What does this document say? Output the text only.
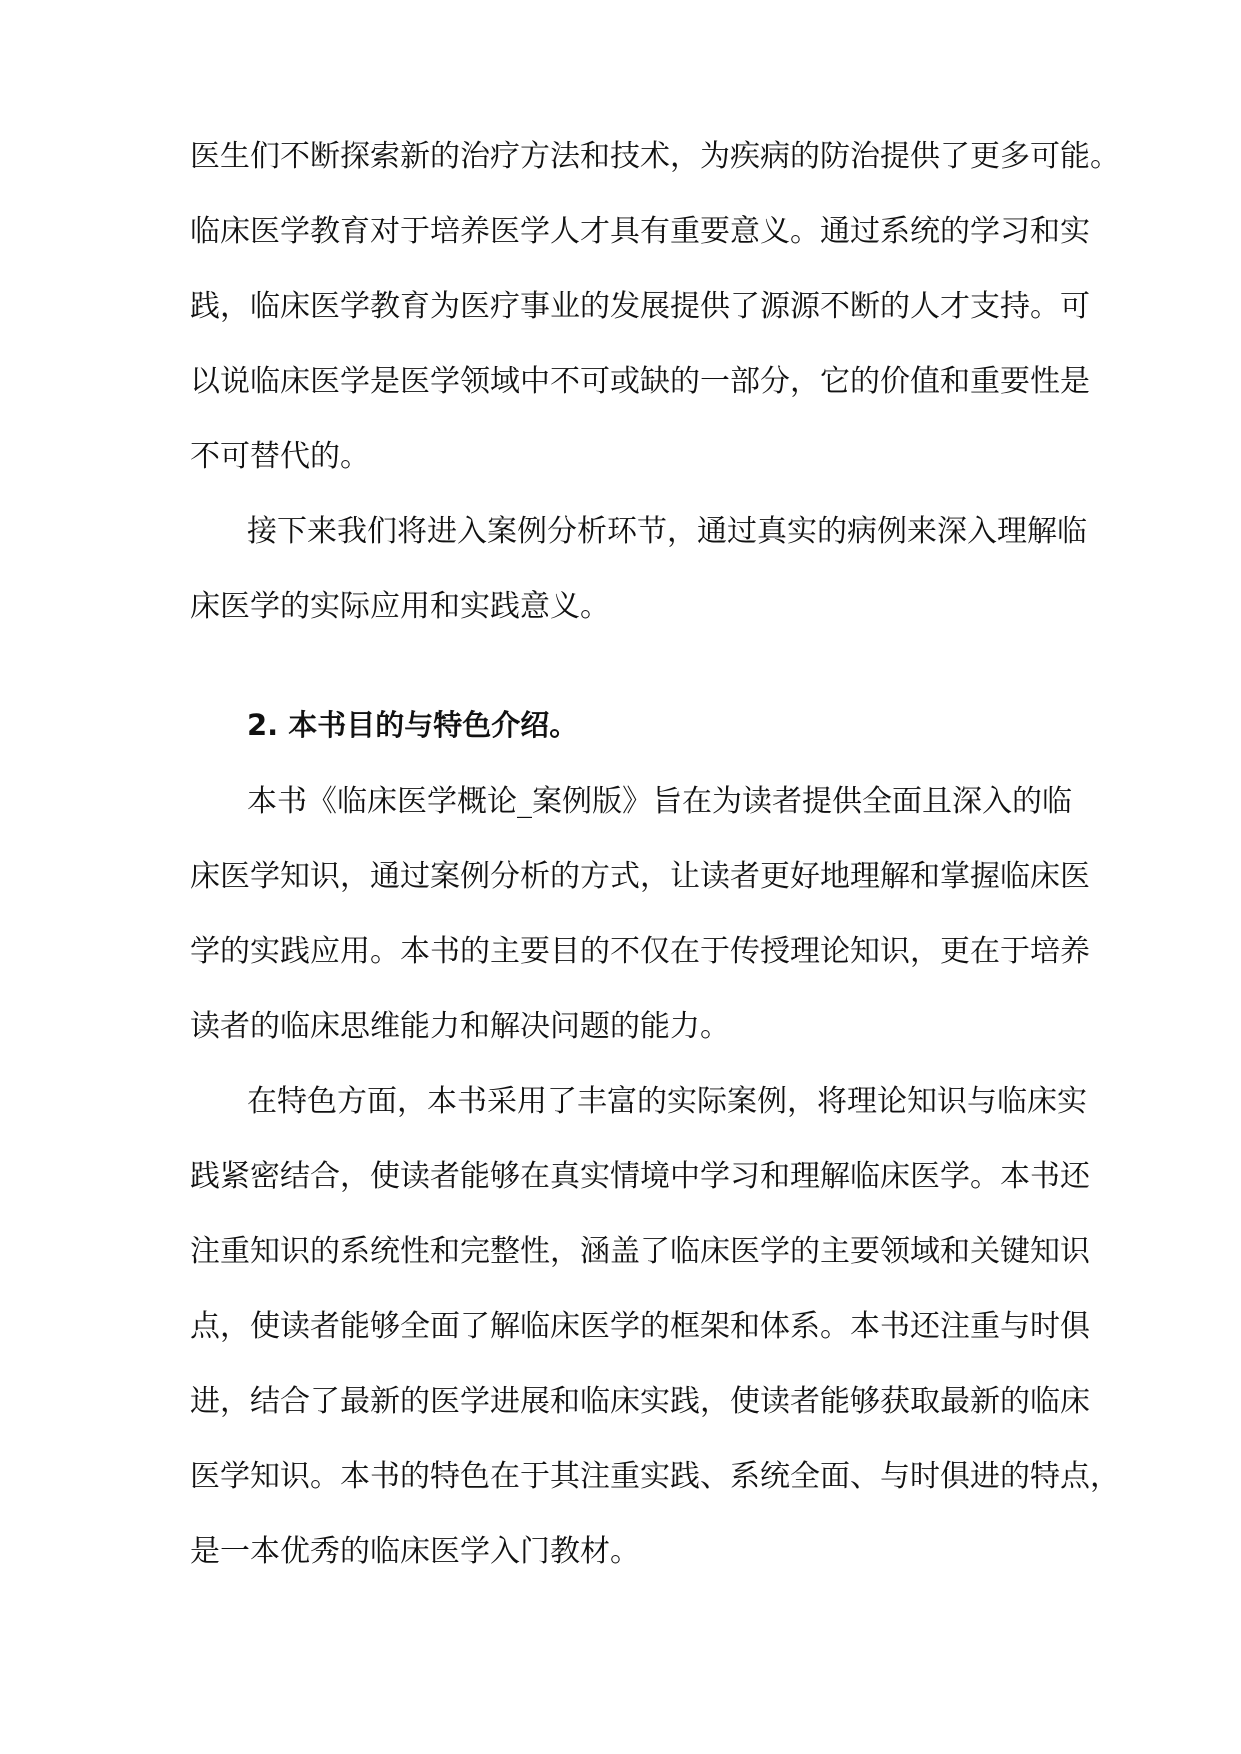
医生们不断探索新的治疗方法和技术，为疾病的防治提供了更多可能。
临床医学教育对于培养医学人才具有重要意义。通过系统的学习和实
践，临床医学教育为医疗事业的发展提供了源源不断的人才支持。可
以说临床医学是医学领域中不可或缺的一部分，它的价值和重要性是
不可替代的。
接下来我们将进入案例分析环节，通过真实的病例来深入理解临
床医学的实际应用和实践意义。
2. 本书目的与特色介绍。
本书《临床医学概论_案例版》旨在为读者提供全面且深入的临
床医学知识，通过案例分析的方式，让读者更好地理解和掌握临床医
学的实践应用。本书的主要目的不仅在于传授理论知识，更在于培养
读者的临床思维能力和解决问题的能力。
在特色方面，本书采用了丰富的实际案例，将理论知识与临床实
践紧密结合，使读者能够在真实情境中学习和理解临床医学。本书还
注重知识的系统性和完整性，涵盖了临床医学的主要领域和关键知识
点，使读者能够全面了解临床医学的框架和体系。本书还注重与时俱
进，结合了最新的医学进展和临床实践，使读者能够获取最新的临床
医学知识。本书的特色在于其注重实践、系统全面、与时俱进的特点，
是一本优秀的临床医学入门教材。
